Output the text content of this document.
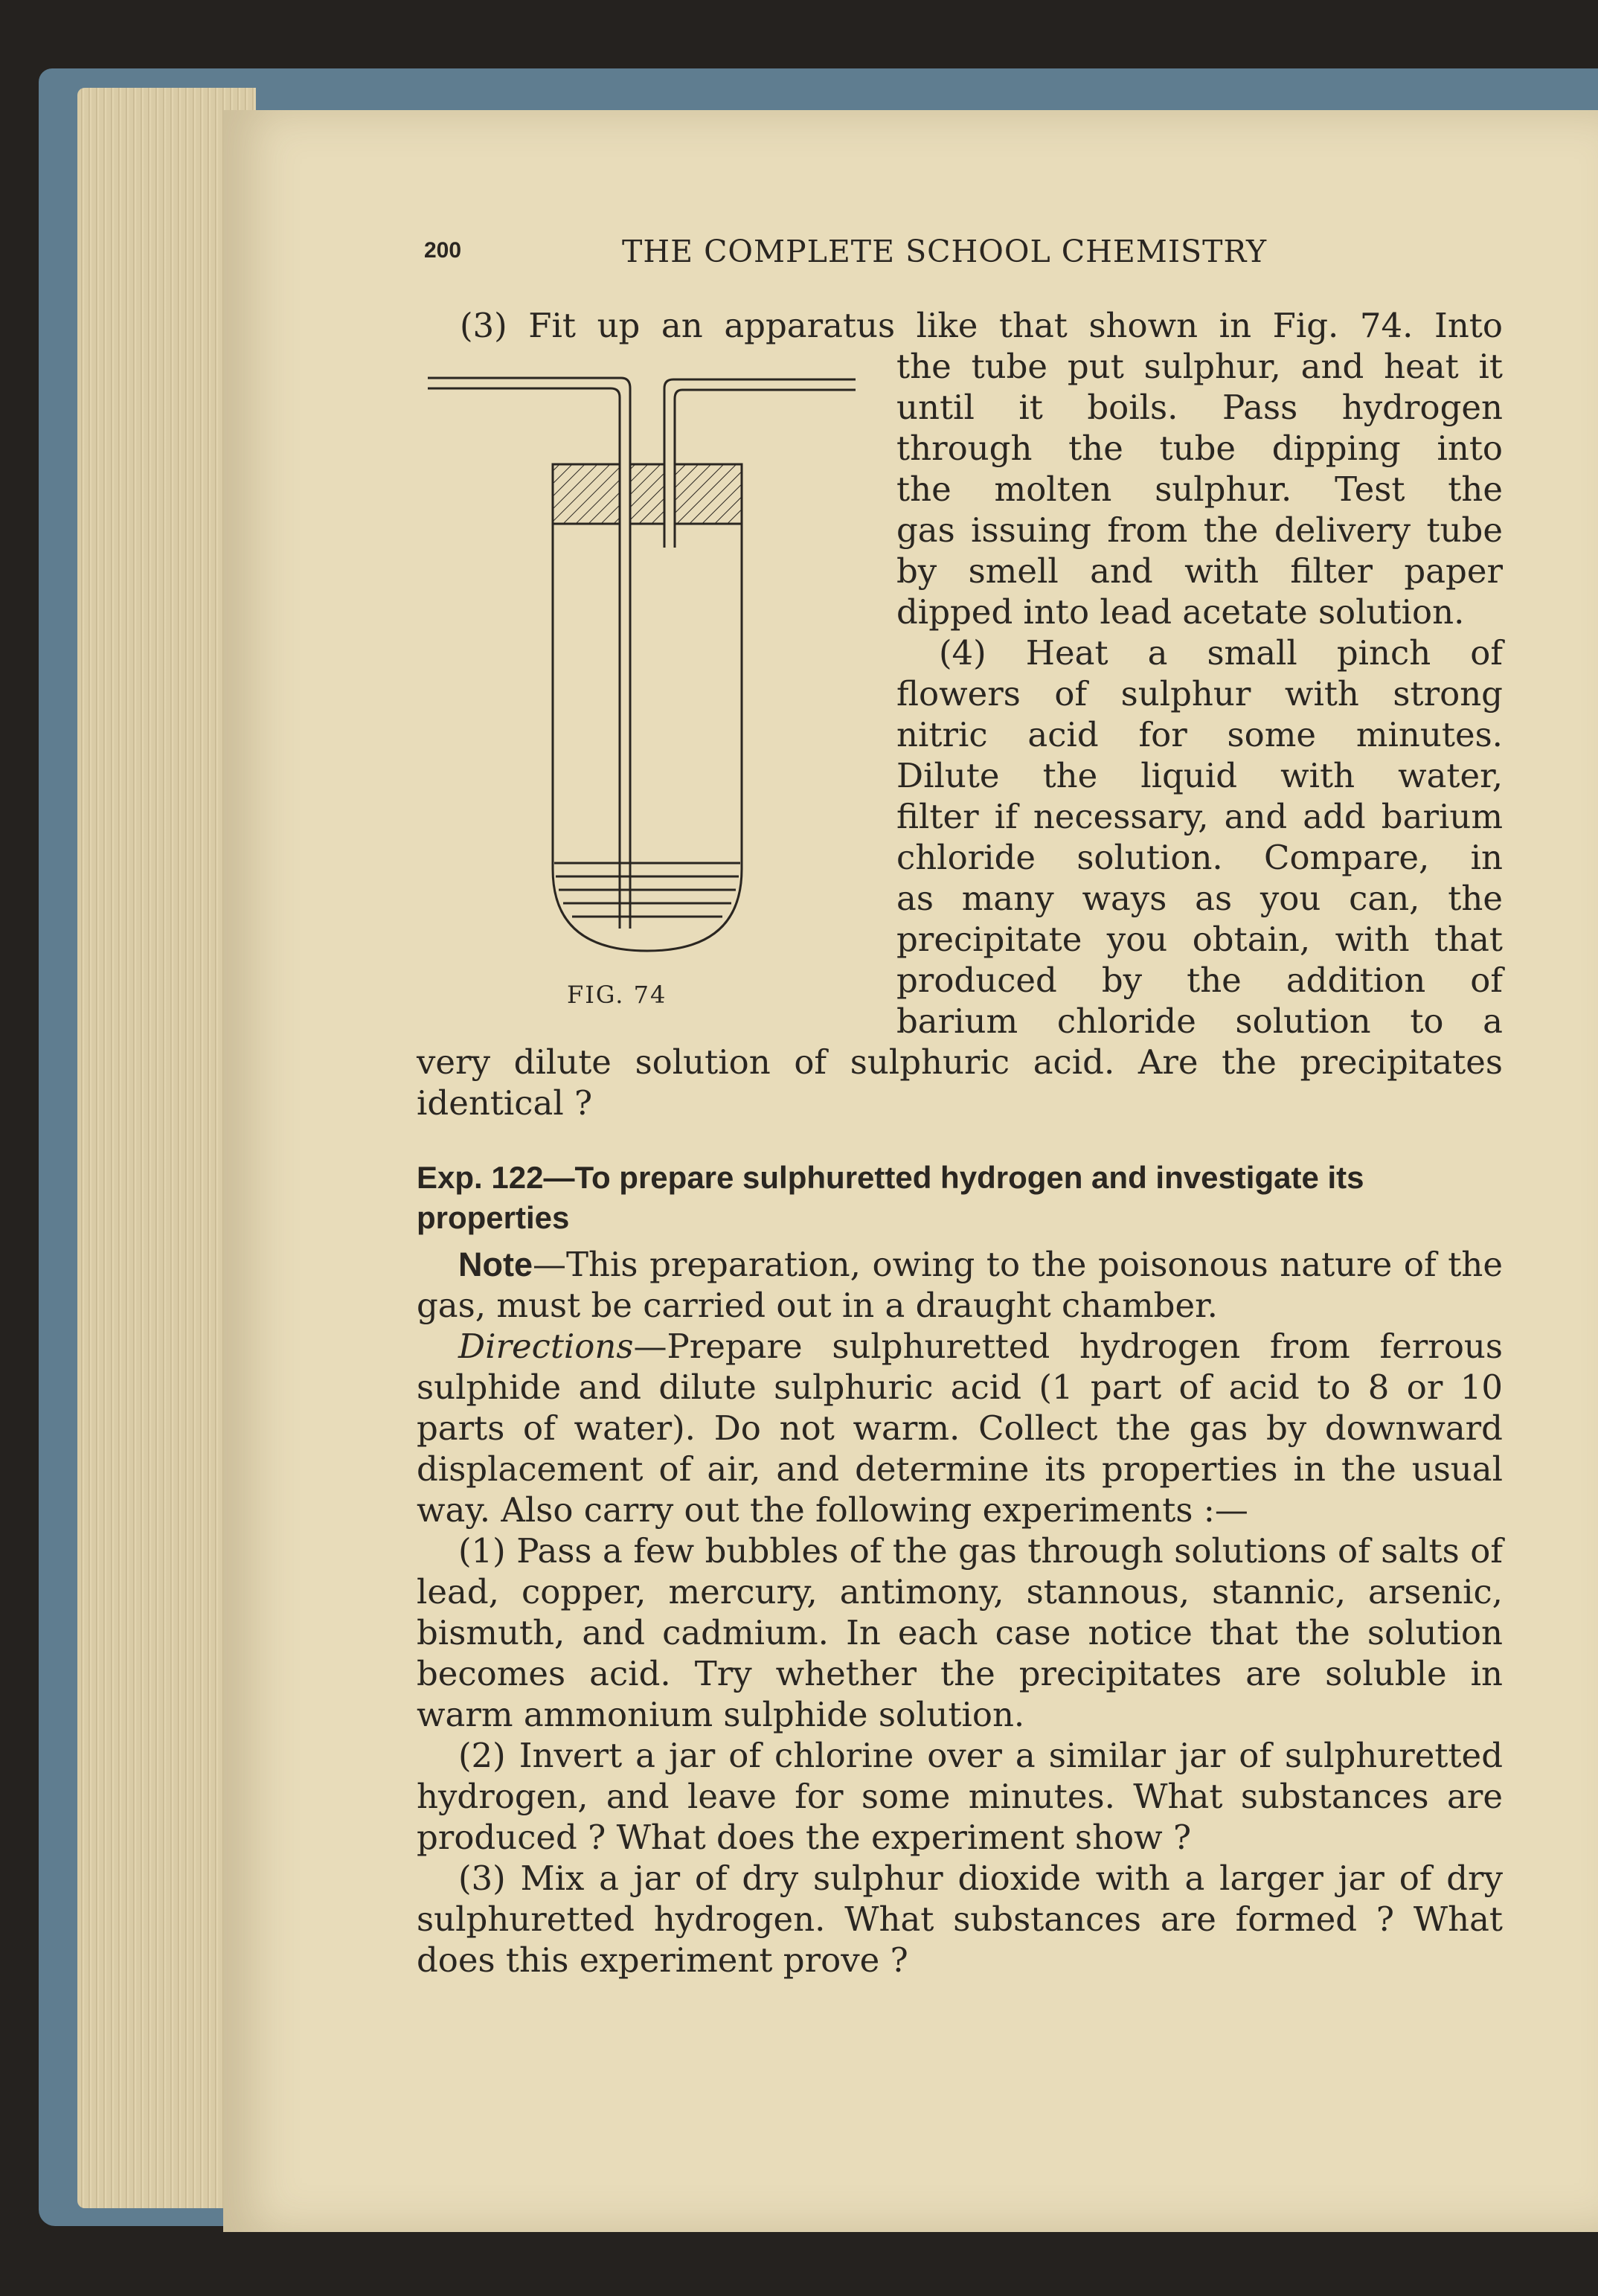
200	THE COMPLETE SCHOOL CHEMISTRY

(3) Fit up an apparatus like that shown in Fig. 74. Into

the tube put sulphur, and heat it

until it boils. Pass hydrogen

through the tube dipping into

the molten sulphur. Test the

gas issuing from the delivery tube

by smell and with filter paper

dipped into lead acetate solution.

(4) Heat a small pinch of

flowers of sulphur with strong

nitric acid for some minutes.

Dilute the liquid with water,

filter if necessary, and add barium

chloride solution. Compare, in

as many ways as you can, the

precipitate you obtain, with that

produced by the addition of

barium chloride solution to a

very dilute solution of sulphuric acid. Are the precipitates identical ?

FIG. 74

Exp. 122—To prepare sulphuretted hydrogen and investigate its properties

Note—This preparation, owing to the poisonous nature of the gas, must be carried out in a draught chamber.

Directions—Prepare sulphuretted hydrogen from ferrous sulphide and dilute sulphuric acid (1 part of acid to 8 or 10 parts of water). Do not warm. Collect the gas by downward displacement of air, and determine its properties in the usual way. Also carry out the following experiments :—

(1) Pass a few bubbles of the gas through solutions of salts of lead, copper, mercury, antimony, stannous, stannic, arsenic, bismuth, and cadmium. In each case notice that the solution becomes acid. Try whether the precipitates are soluble in warm ammonium sulphide solution.

(2) Invert a jar of chlorine over a similar jar of sulphuretted hydrogen, and leave for some minutes. What substances are produced ? What does the experiment show ?

(3) Mix a jar of dry sulphur dioxide with a larger jar of dry sulphuretted hydrogen. What substances are formed ? What does this experiment prove ?
